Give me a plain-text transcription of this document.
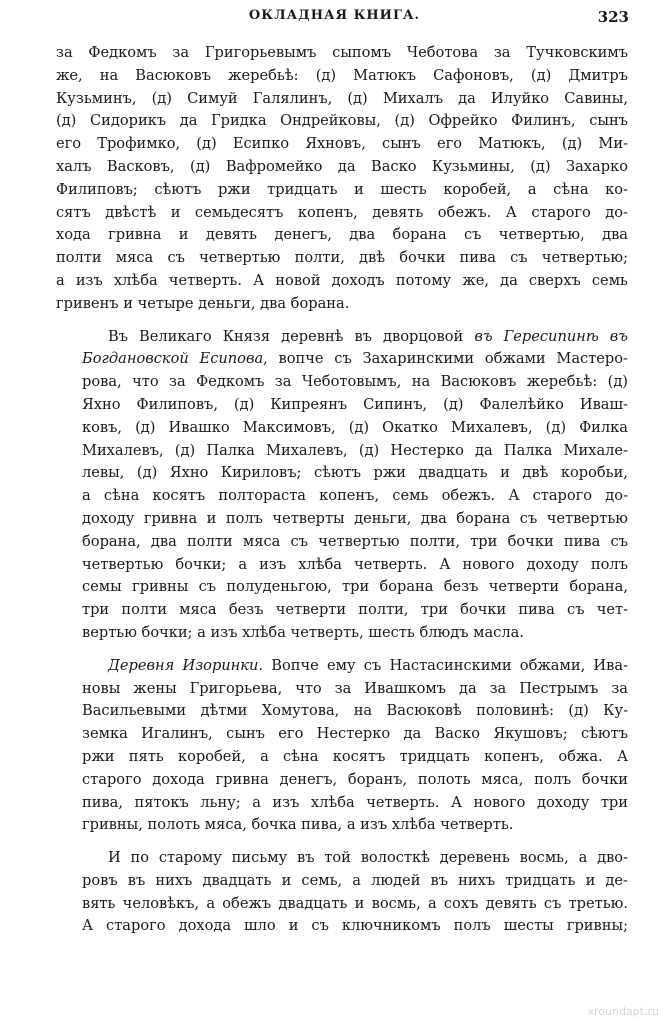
ОКЛАДНАЯ КНИГА.	323
за Федкомъ за Григорьевымъ сыпомъ Чеботова за Тучковскимъ
же, на Васюковъ жеребьѣ: (д) Матюкъ Сафоновъ, (д) Дмитръ
Кузьминъ, (д) Симуй Галялинъ, (д) Михалъ да Илуйко Савины,
(д) Сидорикъ да Гридка Ондрейковы, (д) Офрейко Филинъ, сынъ
его Трофимко, (д) Есипко Яхновъ, сынъ его Матюкъ, (д) Ми-
халъ Васковъ, (д) Вафромейко да Васко Кузьмины, (д) Захарко
Филиповъ; сѣютъ ржи тридцать и шесть коробей, а сѣна ко-
сятъ двѣстѣ и семьдесятъ копенъ, девять обежъ. А старого до-
хода гривна и девять денегъ, два борана съ четвертью, два
полти мяса съ четвертью полти, двѣ бочки пива съ четвертью;
а изъ хлѣба четверть. А новой доходъ потому же, да сверхъ семь
гривенъ и четыре деньги, два борана.
Въ Великаго Князя деревнѣ въ дворцовой въ Гересипинѣ въ
Богдановской Есипова, вопче съ Захаринскими обжами Мастеро-
рова, что за Федкомъ за Чеботовымъ, на Васюковъ жеребьѣ: (д)
Яхно Филиповъ, (д) Кипреянъ Сипинъ, (д) Фалелѣйко Иваш-
ковъ, (д) Ивашко Максимовъ, (д) Окатко Михалевъ, (д) Филка
Михалевъ, (д) Палка Михалевъ, (д) Нестерко да Палка Михале-
левы, (д) Яхно Кириловъ; сѣютъ ржи двадцать и двѣ коробьи,
а сѣна косятъ полтораста копенъ, семь обежъ. А старого до-
доходу гривна и полъ четверты деньги, два борана съ четвертью
борана, два полти мяса съ четвертью полти, три бочки пива съ
четвертью бочки; а изъ хлѣба четверть. А нового доходу полъ
семы гривны съ полуденьгою, три борана безъ четверти борана,
три полти мяса безъ четверти полти, три бочки пива съ чет-
вертью бочки; а изъ хлѣба четверть, шесть блюдъ масла.
Деревня Изоринки. Вопче ему съ Настасинскими обжами, Ива-
новы жены Григорьева, что за Ивашкомъ да за Пестрымъ за
Васильевыми дѣтми Хомутова, на Васюковѣ половинѣ: (д) Ку-
земка Игалинъ, сынъ его Нестерко да Васко Якушовъ; сѣютъ
ржи пять коробей, а сѣна косятъ тридцать копенъ, обжа. А
старого дохода гривна денегъ, боранъ, полоть мяса, полъ бочки
пива, пятокъ льну; а изъ хлѣба четверть. А нового доходу три
гривны, полоть мяса, бочка пива, а изъ хлѣба четверть.
И по старому письму въ той волосткѣ деревень восмь, а дво-
ровъ въ нихъ двадцать и семь, а людей въ нихъ тридцать и де-
вять человѣкъ, а обежъ двадцать и восмь, а сохъ девять съ третью.
А старого дохода шло и съ ключникомъ полъ шесты гривны;
xroundapt.ru
